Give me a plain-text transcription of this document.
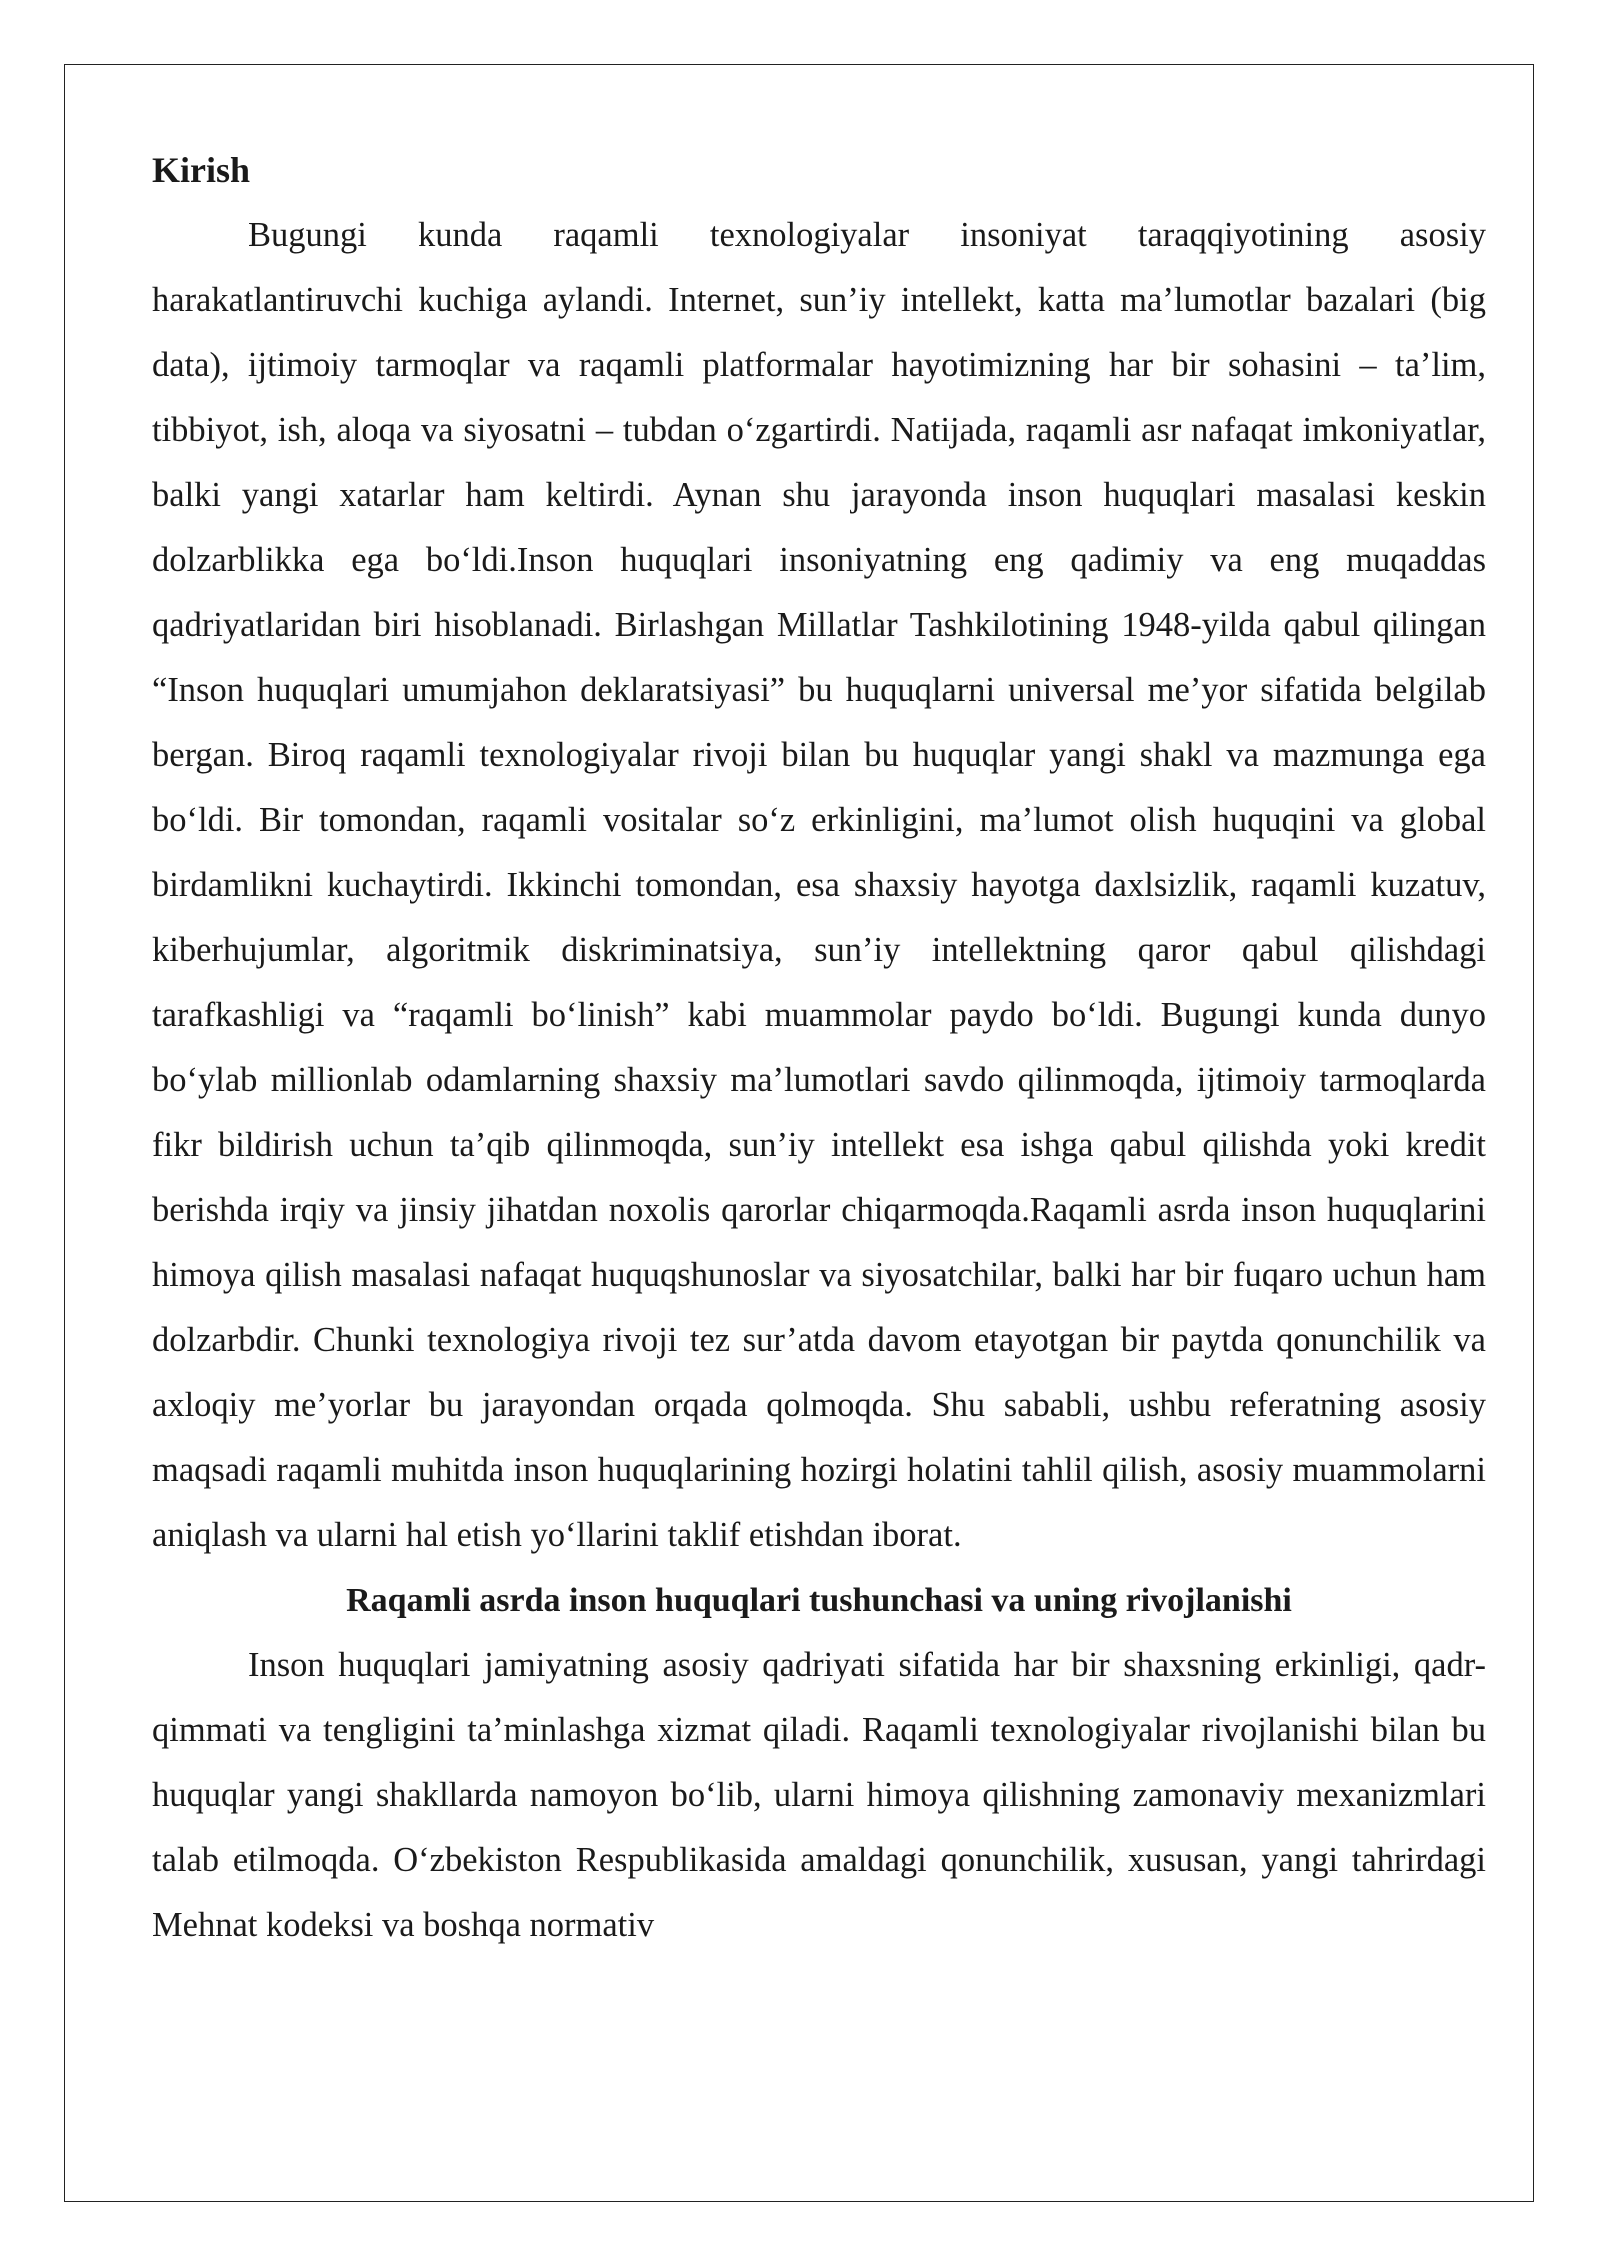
Kirish

Bugungi kunda raqamli texnologiyalar insoniyat taraqqiyotining asosiy harakatlantiruvchi kuchiga aylandi. Internet, sun’iy intellekt, katta ma’lumotlar bazalari (big data), ijtimoiy tarmoqlar va raqamli platformalar hayotimizning har bir sohasini – ta’lim, tibbiyot, ish, aloqa va siyosatni – tubdan o‘zgartirdi. Natijada, raqamli asr nafaqat imkoniyatlar, balki yangi xatarlar ham keltirdi. Aynan shu jarayonda inson huquqlari masalasi keskin dolzarblikka ega bo‘ldi.Inson huquqlari insoniyatning eng qadimiy va eng muqaddas qadriyatlaridan biri hisoblanadi. Birlashgan Millatlar Tashkilotining 1948-yilda qabul qilingan “Inson huquqlari umumjahon deklaratsiyasi” bu huquqlarni universal me’yor sifatida belgilab bergan. Biroq raqamli texnologiyalar rivoji bilan bu huquqlar yangi shakl va mazmunga ega bo‘ldi. Bir tomondan, raqamli vositalar so‘z erkinligini, ma’lumot olish huquqini va global birdamlikni kuchaytirdi. Ikkinchi tomondan, esa shaxsiy hayotga daxlsizlik, raqamli kuzatuv, kiberhujumlar, algoritmik diskriminatsiya, sun’iy intellektning qaror qabul qilishdagi tarafkashligi va “raqamli bo‘linish” kabi muammolar paydo bo‘ldi. Bugungi kunda dunyo bo‘ylab millionlab odamlarning shaxsiy ma’lumotlari savdo qilinmoqda, ijtimoiy tarmoqlarda fikr bildirish uchun ta’qib qilinmoqda, sun’iy intellekt esa ishga qabul qilishda yoki kredit berishda irqiy va jinsiy jihatdan noxolis qarorlar chiqarmoqda.Raqamli asrda inson huquqlarini himoya qilish masalasi nafaqat huquqshunoslar va siyosatchilar, balki har bir fuqaro uchun ham dolzarbdir. Chunki texnologiya rivoji tez sur’atda davom etayotgan bir paytda qonunchilik va axloqiy me’yorlar bu jarayondan orqada qolmoqda. Shu sababli, ushbu referatning asosiy maqsadi raqamli muhitda inson huquqlarining hozirgi holatini tahlil qilish, asosiy muammolarni aniqlash va ularni hal etish yo‘llarini taklif etishdan iborat.

Raqamli asrda inson huquqlari tushunchasi va uning rivojlanishi

Inson huquqlari jamiyatning asosiy qadriyati sifatida har bir shaxsning erkinligi, qadr-qimmati va tengligini ta’minlashga xizmat qiladi. Raqamli texnologiyalar rivojlanishi bilan bu huquqlar yangi shakllarda namoyon bo‘lib, ularni himoya qilishning zamonaviy mexanizmlari talab etilmoqda. O‘zbekiston Respublikasida amaldagi qonunchilik, xususan, yangi tahrirdagi Mehnat kodeksi va boshqa normativ
